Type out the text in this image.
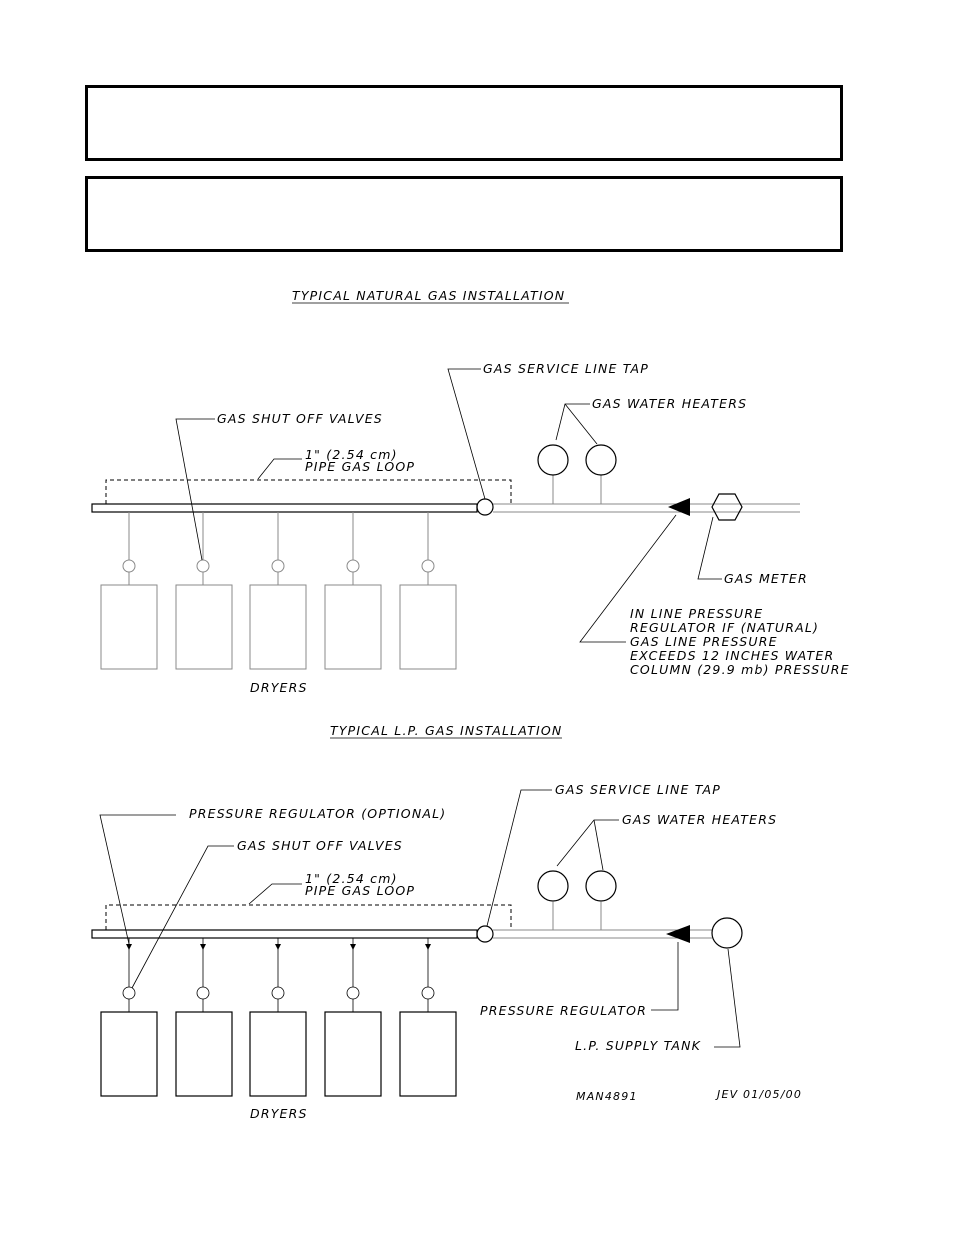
TYPICAL NATURAL GAS INSTALLATION
GAS SERVICE LINE TAP
GAS WATER HEATERS
GAS SHUT OFF VALVES
1" (2.54 cm)
PIPE GAS LOOP
GAS METER
IN LINE PRESSURE
REGULATOR IF (NATURAL)
GAS LINE PRESSURE
EXCEEDS 12 INCHES WATER
COLUMN (29.9 mb) PRESSURE
DRYERS
TYPICAL L.P. GAS INSTALLATION
GAS SERVICE LINE TAP
PRESSURE REGULATOR (OPTIONAL)	GAS WATER HEATERS
GAS SHUT OFF VALVES
1" (2.54 cm)
PIPE GAS LOOP
PRESSURE REGULATOR
L.P. SUPPLY TANK
DRYERS
MAN4891	JEV 01/05/00
